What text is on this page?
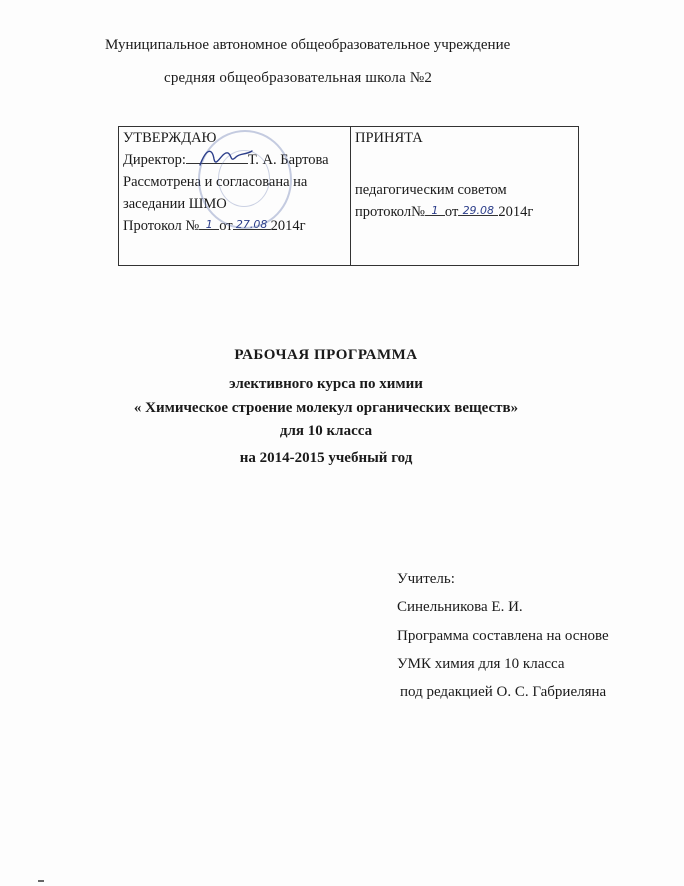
Муниципальное автономное общеобразовательное учреждение
средняя общеобразовательная школа №2
УТВЕРЖДАЮ
Директор:	Т. А. Бартова
Рассмотрена и согласована на
заседании ШМО
Протокол № 1 от 27.08 2014г
ПРИНЯТА
педагогическим советом
протокол№ 1 от 29.08 2014г
РАБОЧАЯ ПРОГРАММА
элективного курса по химии
« Химическое строение молекул органических веществ»
для 10 класса
на 2014-2015 учебный год
Учитель:
Синельникова Е. И.
Программа составлена на основе
УМК химия для 10 класса
под редакцией О. С. Габриеляна
